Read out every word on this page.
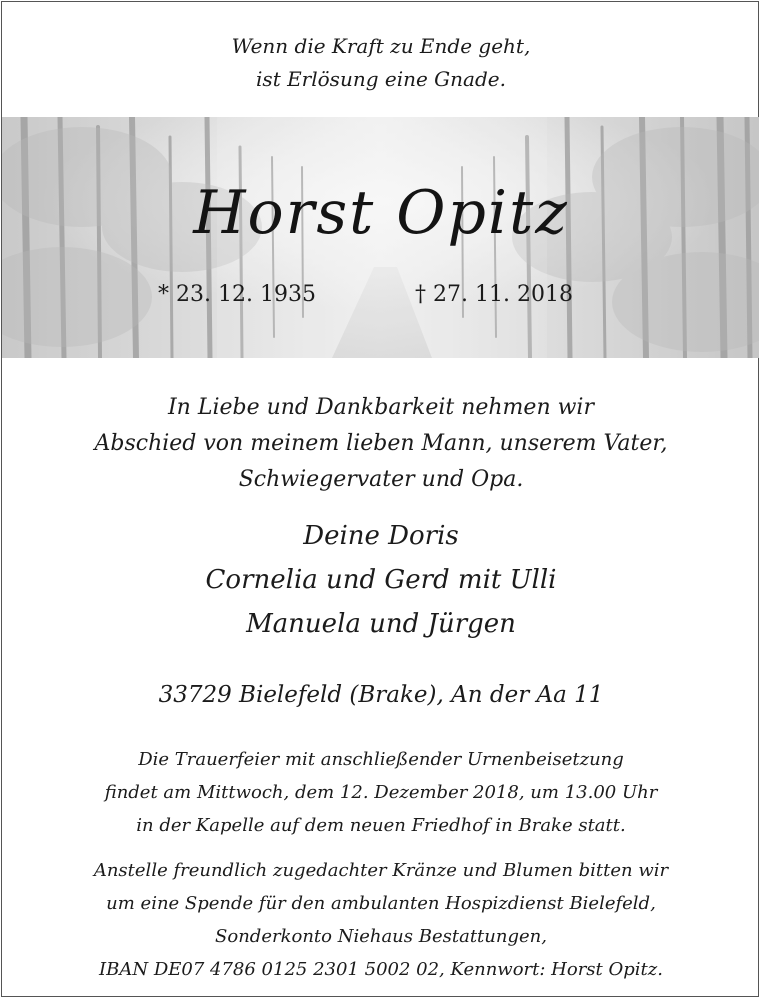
Wenn die Kraft zu Ende geht,
ist Erlösung eine Gnade.
Horst Opitz
* 23. 12. 1935	† 27. 11. 2018
In Liebe und Dankbarkeit nehmen wir
Abschied von meinem lieben Mann, unserem Vater,
Schwiegervater und Opa.
Deine Doris
Cornelia und Gerd mit Ulli
Manuela und Jürgen
33729 Bielefeld (Brake), An der Aa 11
Die Trauerfeier mit anschließender Urnenbeisetzung
findet am Mittwoch, dem 12. Dezember 2018, um 13.00 Uhr
in der Kapelle auf dem neuen Friedhof in Brake statt.
Anstelle freundlich zugedachter Kränze und Blumen bitten wir
um eine Spende für den ambulanten Hospizdienst Bielefeld,
Sonderkonto Niehaus Bestattungen,
IBAN DE07 4786 0125 2301 5002 02, Kennwort: Horst Opitz.
